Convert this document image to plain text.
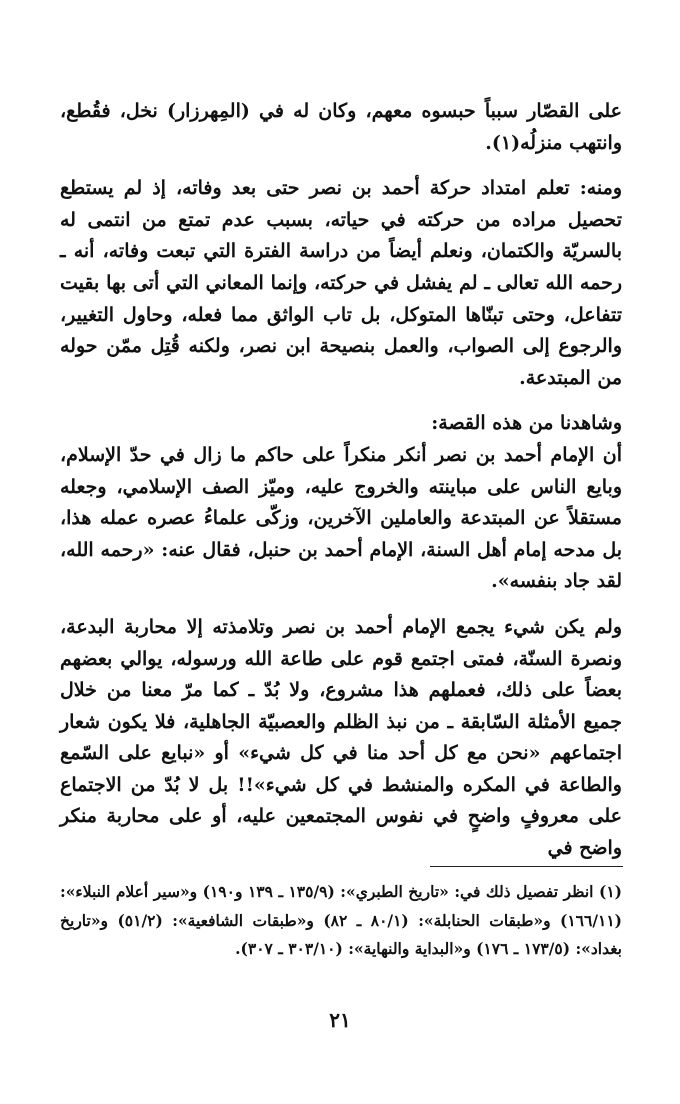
على القصّار سبباً حبسوه معهم، وكان له في (المِهرزار) نخل، فقُطع، وانتهب منزلُه(١).

ومنه: تعلم امتداد حركة أحمد بن نصر حتى بعد وفاته، إذ لم يستطع تحصيل مراده من حركته في حياته، بسبب عدم تمتع من انتمى له بالسريّة والكتمان، ونعلم أيضاً من دراسة الفترة التي تبعت وفاته، أنه ـ رحمه الله تعالى ـ لم يفشل في حركته، وإنما المعاني التي أتى بها بقيت تتفاعل، وحتى تبنّاها المتوكل، بل تاب الواثق مما فعله، وحاول التغيير، والرجوع إلى الصواب، والعمل بنصيحة ابن نصر، ولكنه قُتِل ممّن حوله من المبتدعة.

وشاهدنا من هذه القصة:

أن الإمام أحمد بن نصر أنكر منكراً على حاكم ما زال في حدّ الإسلام، وبايع الناس على مباينته والخروج عليه، وميّز الصف الإسلامي، وجعله مستقلاً عن المبتدعة والعاملين الآخرين، وزكّى علماءُ عصره عمله هذا، بل مدحه إمام أهل السنة، الإمام أحمد بن حنبل، فقال عنه: «رحمه الله، لقد جاد بنفسه».

ولم يكن شيء يجمع الإمام أحمد بن نصر وتلامذته إلا محاربة البدعة، ونصرة السنّة، فمتى اجتمع قوم على طاعة الله ورسوله، يوالي بعضهم بعضاً على ذلك، فعملهم هذا مشروع، ولا بُدّ ـ كما مرّ معنا من خلال جميع الأمثلة السّابقة ـ من نبذ الظلم والعصبيّة الجاهلية، فلا يكون شعار اجتماعهم «نحن مع كل أحد منا في كل شيء» أو «نبايع على السّمع والطاعة في المكره والمنشط في كل شيء»!! بل لا بُدّ من الاجتماع على معروفٍ واضحٍ في نفوس المجتمعين عليه، أو على محاربة منكر واضح في

(١) انظر تفصيل ذلك في: «تاريخ الطبري»: (١٣٥/٩ ـ ١٣٩ و١٩٠) و«سير أعلام النبلاء»: (١٦٦/١١) و«طبقات الحنابلة»: (٨٠/١ ـ ٨٢) و«طبقات الشافعية»: (٥١/٢) و«تاريخ بغداد»: (١٧٣/٥ ـ ١٧٦) و«البداية والنهاية»: (٣٠٣/١٠ ـ ٣٠٧).

٢١
